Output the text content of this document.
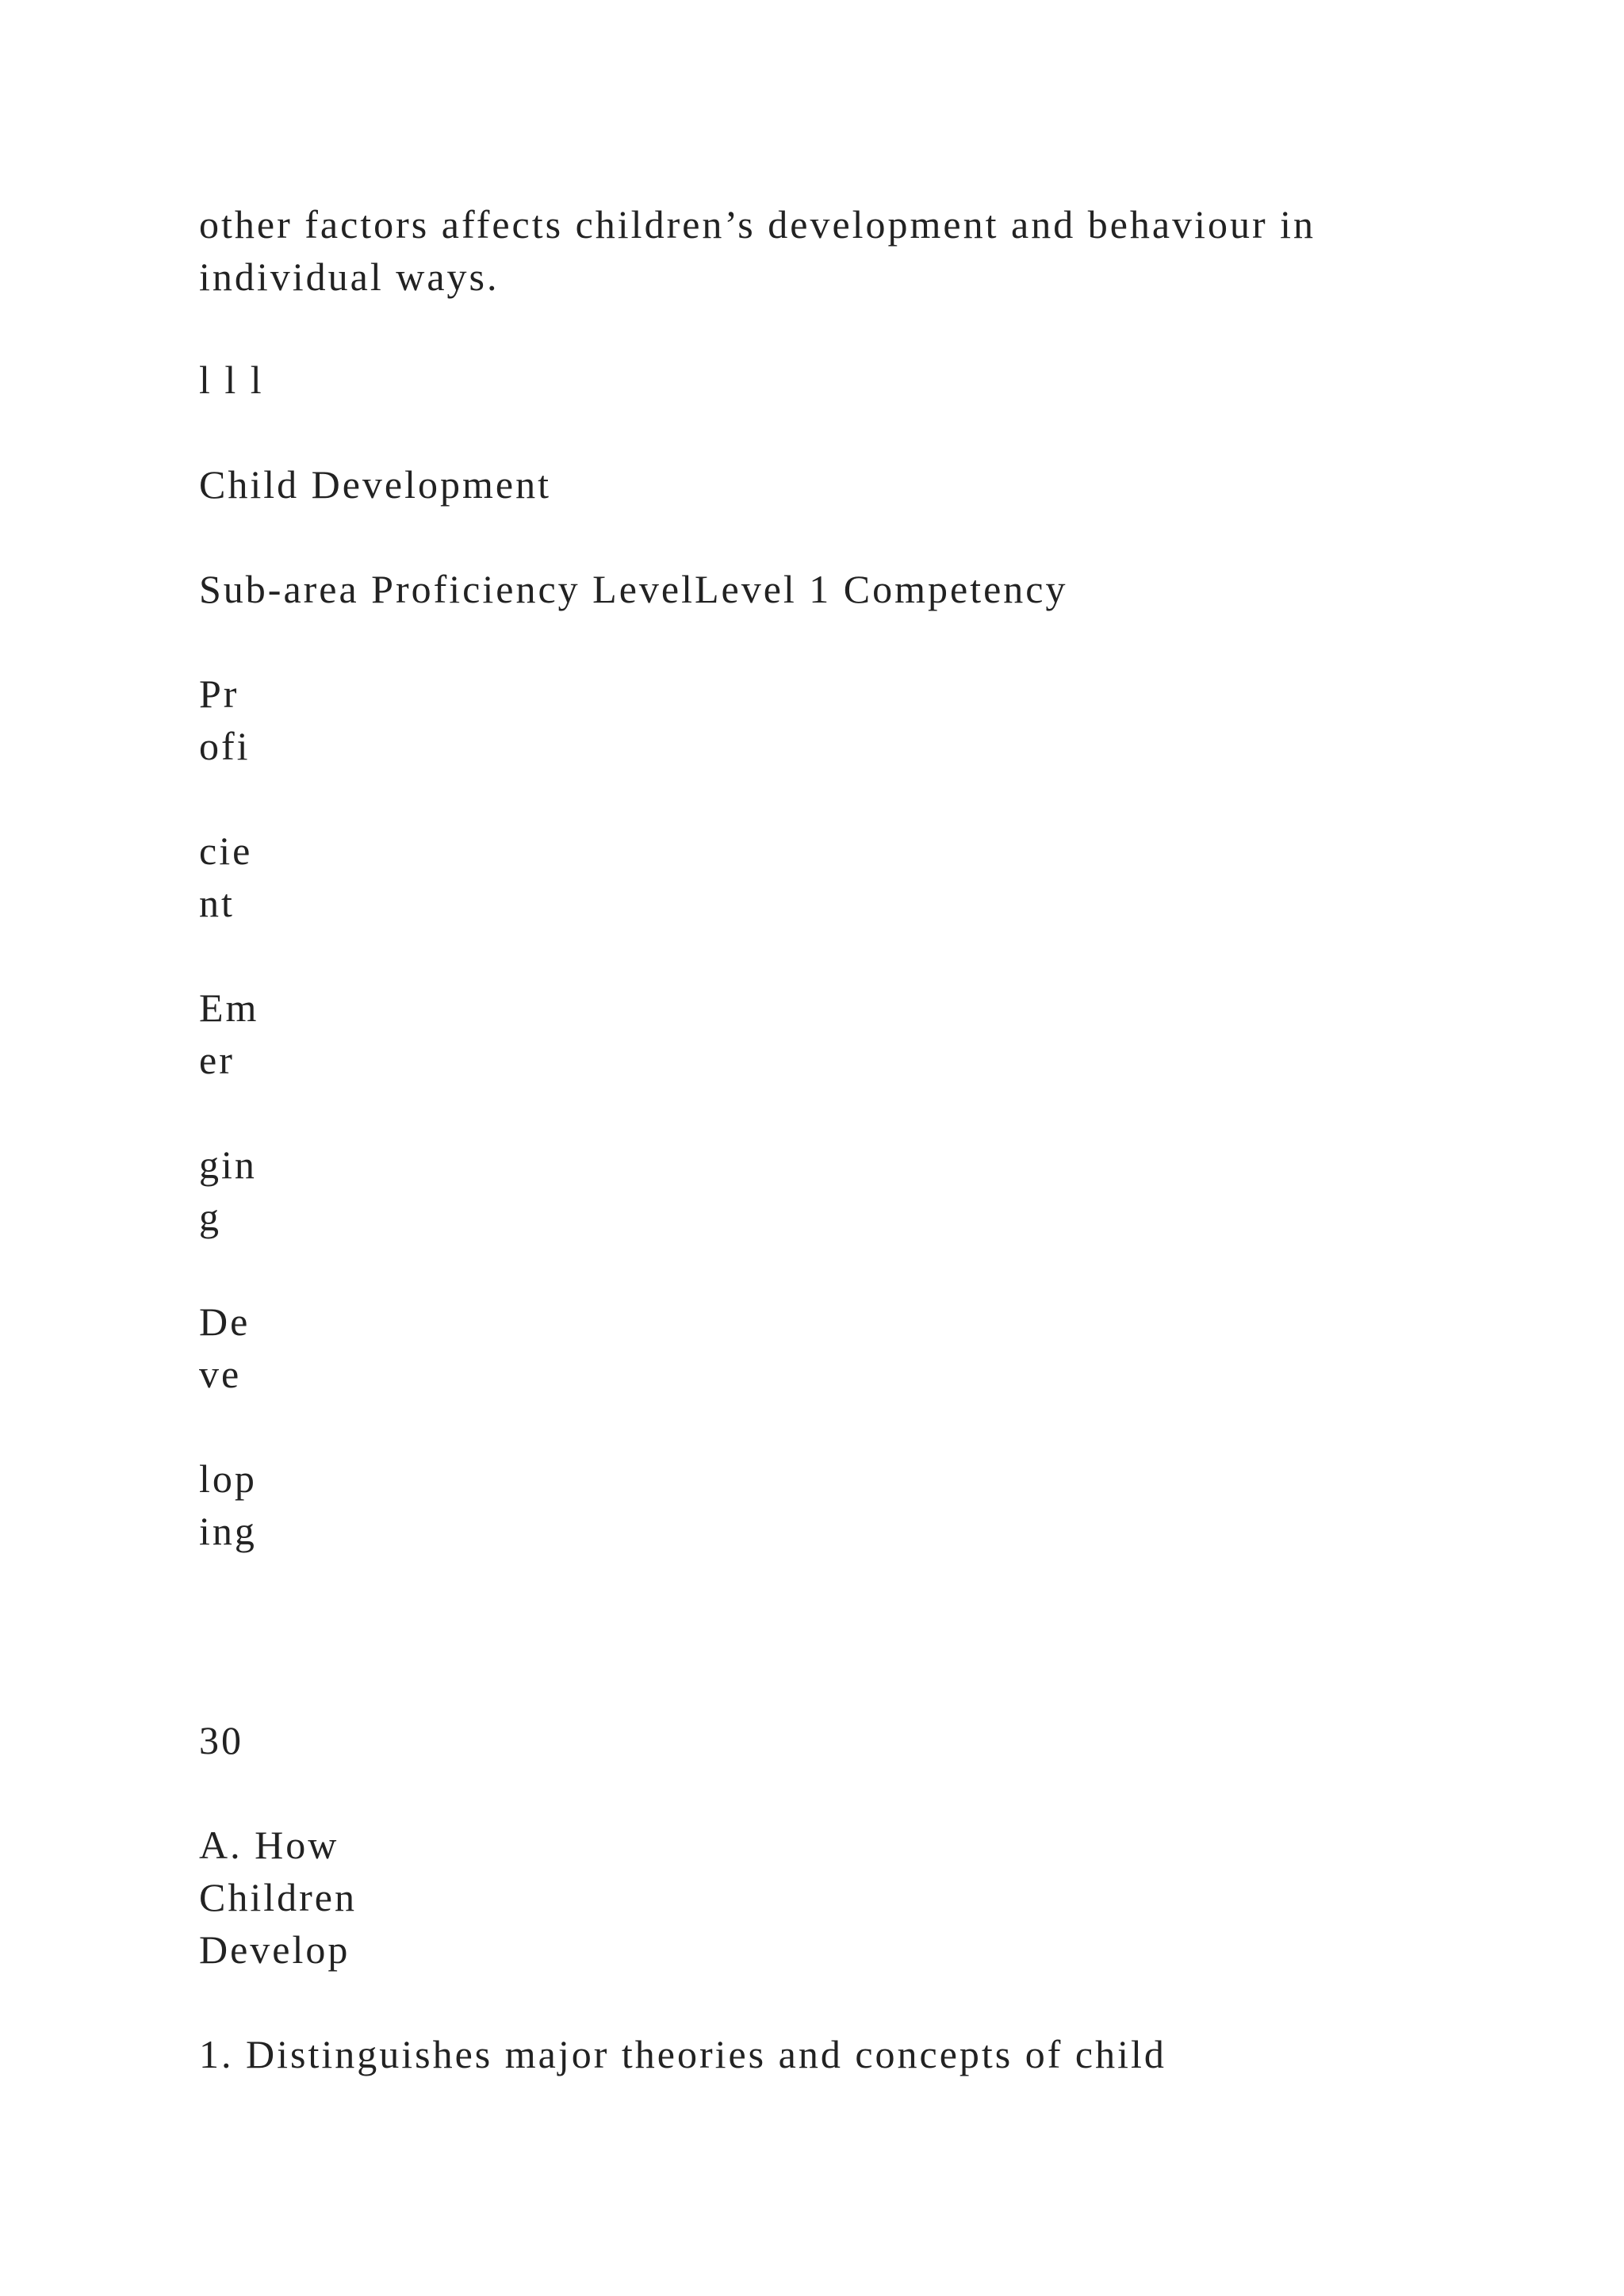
other factors affects children’s development and behaviour in

individual ways.

l l l

Child Development

Sub-area Proficiency LevelLevel 1 Competency

Pr

ofi

cie

nt

Em

er

gin

g

De

ve

lop

ing

30

A. How

Children

Develop

1. Distinguishes major theories and concepts of child
